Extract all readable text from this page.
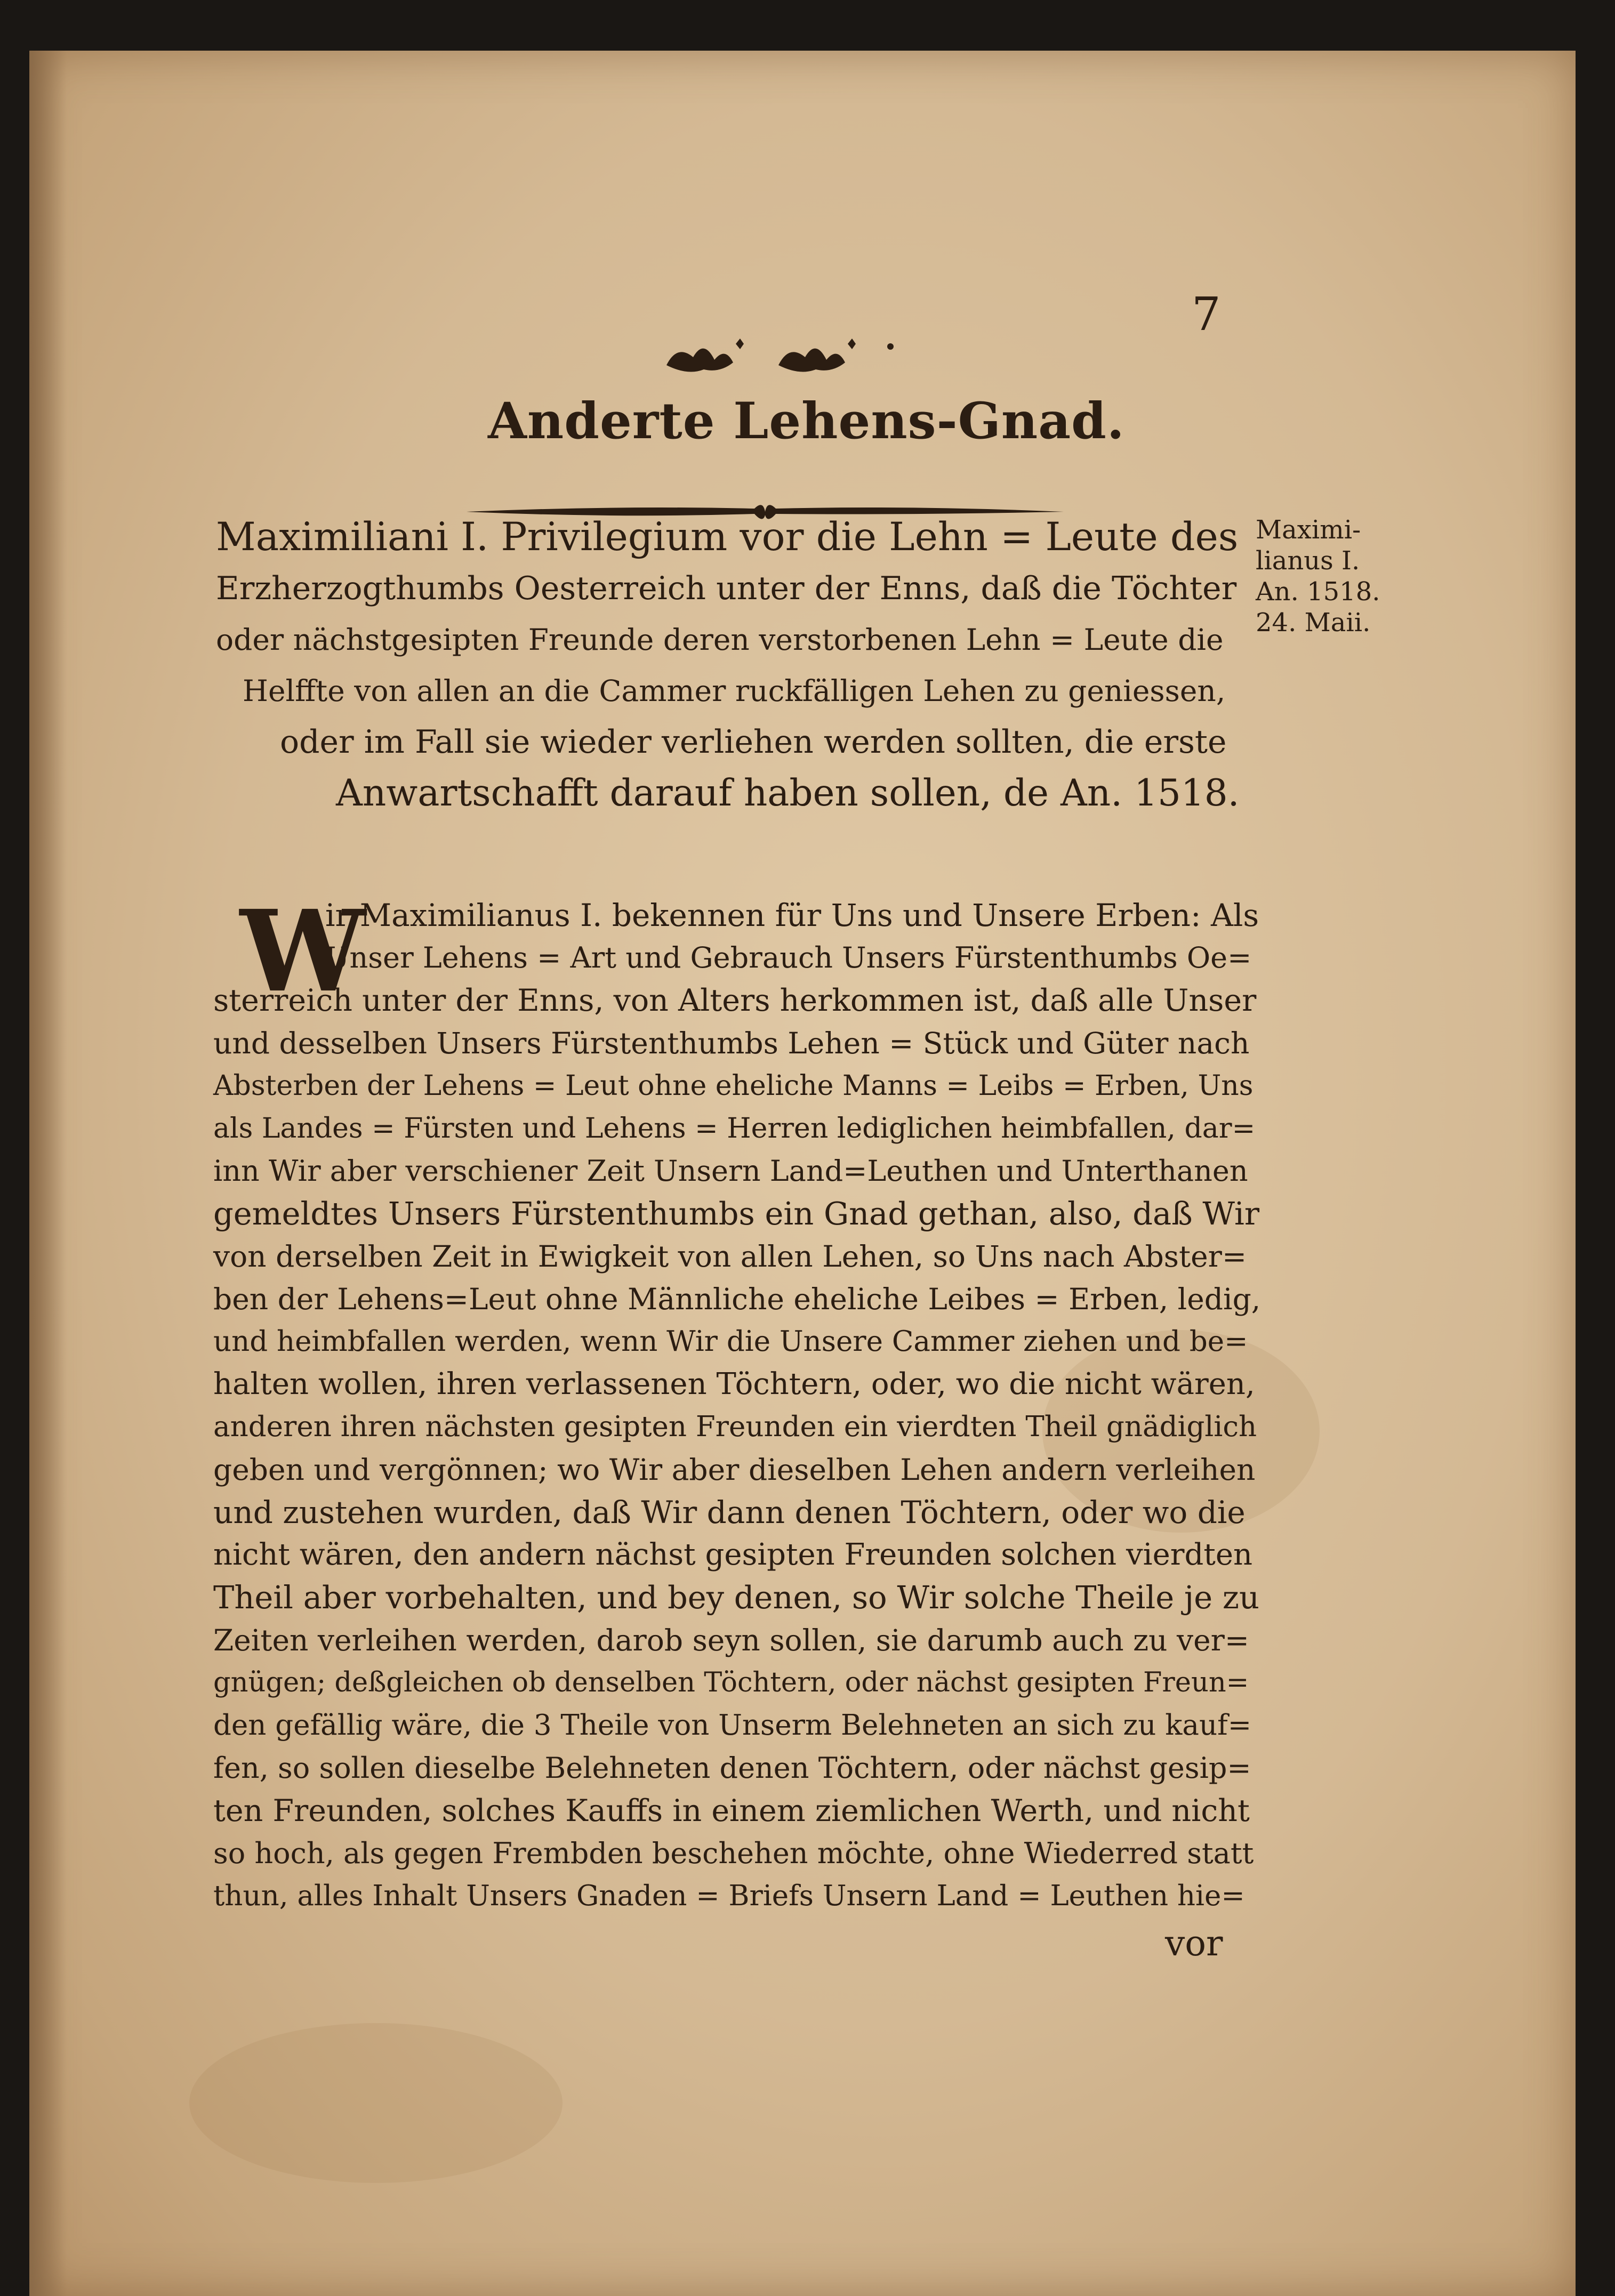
7
Anderte Lehens-Gnad.
Maximiliani I. Privilegium vor die Lehn = Leute des
Erzherzogthumbs Oesterreich unter der Enns, daß die Töchter
oder nächstgesipten Freunde deren verstorbenen Lehn = Leute die
Helffte von allen an die Cammer ruckfälligen Lehen zu geniessen,
oder im Fall sie wieder verliehen werden sollten, die erste
Anwartschafft darauf haben sollen, de An. 1518.
Maximi-
lianus I.
An. 1518.
24. Maii.
W
ir Maximilianus I. bekennen für Uns und Unsere Erben: Als
Unser Lehens = Art und Gebrauch Unsers Fürstenthumbs Oe=
sterreich unter der Enns, von Alters herkommen ist, daß alle Unser
und desselben Unsers Fürstenthumbs Lehen = Stück und Güter nach
Absterben der Lehens = Leut ohne eheliche Manns = Leibs = Erben, Uns
als Landes = Fürsten und Lehens = Herren lediglichen heimbfallen, dar=
inn Wir aber verschiener Zeit Unsern Land=Leuthen und Unterthanen
gemeldtes Unsers Fürstenthumbs ein Gnad gethan, also, daß Wir
von derselben Zeit in Ewigkeit von allen Lehen, so Uns nach Abster=
ben der Lehens=Leut ohne Männliche eheliche Leibes = Erben, ledig,
und heimbfallen werden, wenn Wir die Unsere Cammer ziehen und be=
halten wollen, ihren verlassenen Töchtern, oder, wo die nicht wären,
anderen ihren nächsten gesipten Freunden ein vierdten Theil gnädiglich
geben und vergönnen; wo Wir aber dieselben Lehen andern verleihen
und zustehen wurden, daß Wir dann denen Töchtern, oder wo die
nicht wären, den andern nächst gesipten Freunden solchen vierdten
Theil aber vorbehalten, und bey denen, so Wir solche Theile je zu
Zeiten verleihen werden, darob seyn sollen, sie darumb auch zu ver=
gnügen; deßgleichen ob denselben Töchtern, oder nächst gesipten Freun=
den gefällig wäre, die 3 Theile von Unserm Belehneten an sich zu kauf=
fen, so sollen dieselbe Belehneten denen Töchtern, oder nächst gesip=
ten Freunden, solches Kauffs in einem ziemlichen Werth, und nicht
so hoch, als gegen Frembden beschehen möchte, ohne Wiederred statt
thun, alles Inhalt Unsers Gnaden = Briefs Unsern Land = Leuthen hie=
vor
